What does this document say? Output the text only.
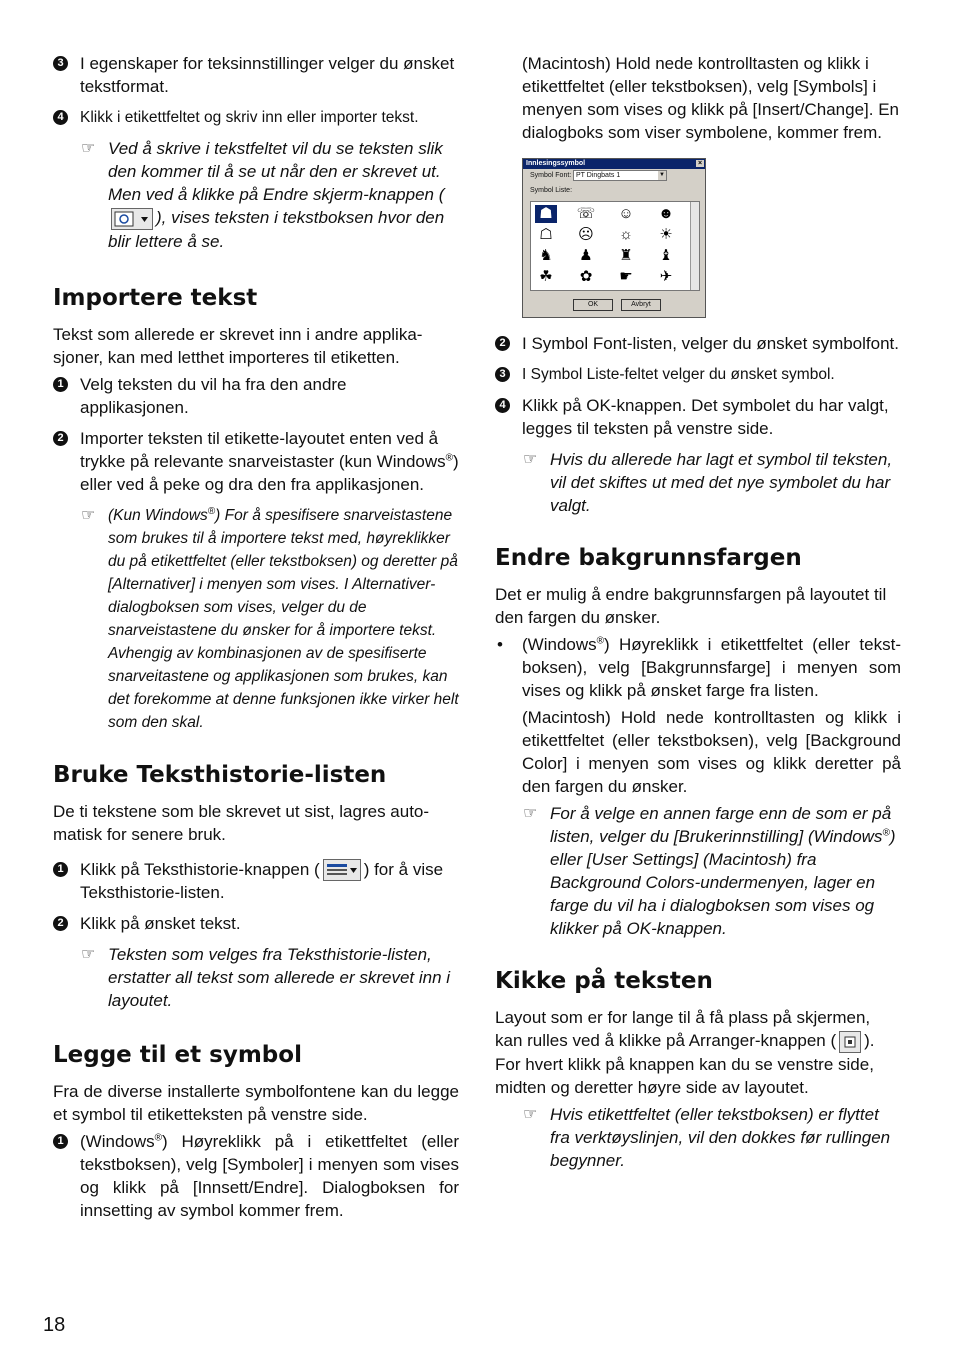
3 I egenskaper for teksinnstillinger velger du ønsket tekstformat.

4 Klikk i etikettfeltet og skriv inn eller importer tekst.

☞ Ved å skrive i tekstfeltet vil du se teksten slik den kommer til å se ut når den er skrevet ut. Men ved å klikke på Endre skjerm-knappen (), vises teksten i tekstboksen hvor den blir lettere å se.
Importere tekst

Tekst som allerede er skrevet inn i andre applika-sjoner, kan med letthet importeres til etiketten.

1 Velg teksten du vil ha fra den andre applikasjonen.

2 Importer teksten til etikette-layoutet enten ved å trykke på relevante snarveistaster (kun Windows®) eller ved å peke og dra den fra applikasjonen.

☞ (Kun Windows®) For å spesifisere snarveistastene som brukes til å importere tekst med, høyreklikker du på etikettfeltet (eller tekstboksen) og deretter på [Alternativer] i menyen som vises. I Alternativer-dialogboksen som vises, velger du de snarveistastene du ønsker for å importere tekst. Avhengig av kombinasjonen av de spesifiserte snarveitastene og applikasjonen som brukes, kan det forekomme at denne funksjonen ikke virker helt som den skal.
Bruke Teksthistorie-listen

De ti tekstene som ble skrevet ut sist, lagres auto-matisk for senere bruk.

1 Klikk på Teksthistorie-knappen (	) for å vise Teksthistorie-listen.

2 Klikk på ønsket tekst.

☞ Teksten som velges fra Teksthistorie-listen, erstatter all tekst som allerede er skrevet inn i layoutet.
Legge til et symbol

Fra de diverse installerte symbolfontene kan du legge et symbol til etiketteksten på venstre side.

1 (Windows®) Høyreklikk på i etikettfeltet (eller tekstboksen), velg [Symboler] i menyen som vises og klikk på [Innsett/Endre]. Dialogboksen for innsetting av symbol kommer frem.

(Macintosh) Hold nede kontrolltasten og klikk i etikettfeltet (eller tekstboksen), velg [Symbols] i menyen som vises og klikk på [Insert/Change]. En dialogboks som viser symbolene, kommer frem.

Innlesingssymbol	×
Symbol Font: PT Dingbats 1	▼
Symbol Liste:
☗ ☏ ☺ ☻
☖ ☹ ☼ ☀
♞ ♟ ♜ ♝
☘	✿	☛	✈
OK	Avbryt
2 I Symbol Font-listen, velger du ønsket symbolfont.

3 I Symbol Liste-feltet velger du ønsket symbol.

4 Klikk på OK-knappen. Det symbolet du har valgt, legges til teksten på venstre side.

☞ Hvis du allerede har lagt et symbol til teksten, vil det skiftes ut med det nye symbolet du har valgt.
Endre bakgrunnsfargen

Det er mulig å endre bakgrunnsfargen på layoutet til den fargen du ønsker.

• (Windows®) Høyreklikk i etikettfeltet (eller tekst-boksen), velg [Bakgrunnsfarge] i menyen som vises og klikk på ønsket farge fra listen.

(Macintosh) Hold nede kontrolltasten og klikk i etikettfeltet (eller tekstboksen), velg [Background Color] i menyen som vises og klikk deretter på den fargen du ønsker.

☞ For å velge en annen farge enn de som er på listen, velger du [Brukerinnstilling] (Windows®) eller [User Settings] (Macintosh) fra Background Colors-undermenyen, lager en farge du vil ha i dialogboksen som vises og klikker på OK-knappen.
Kikke på teksten

Layout som er for lange til å få plass på skjermen, kan rulles ved å klikke på Arranger-knappen ( ). For hvert klikk på knappen kan du se venstre side, midten og deretter høyre side av layoutet.

☞ Hvis etikettfeltet (eller tekstboksen) er flyttet fra verktøyslinjen, vil den dokkes før rullingen begynner.
18
